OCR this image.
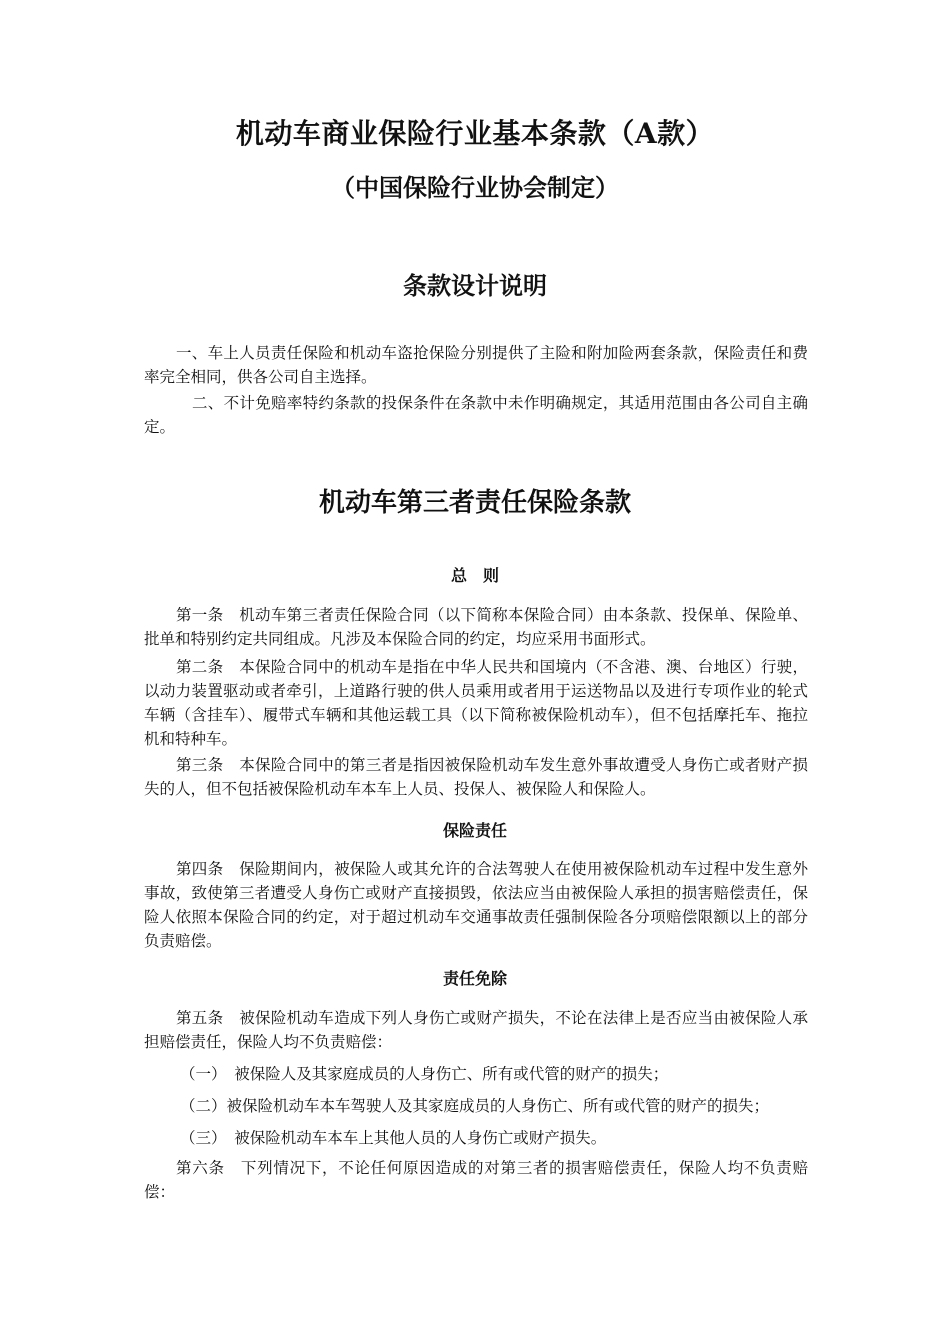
机动车商业保险行业基本条款（A款）
（中国保险行业协会制定）
条款设计说明

一、车上人员责任保险和机动车盗抢保险分别提供了主险和附加险两套条款，保险责任和费率完全相同，供各公司自主选择。

二、不计免赔率特约条款的投保条件在条款中未作明确规定，其适用范围由各公司自主确定。

机动车第三者责任保险条款
总　则

第一条　机动车第三者责任保险合同（以下简称本保险合同）由本条款、投保单、保险单、批单和特别约定共同组成。凡涉及本保险合同的约定，均应采用书面形式。

第二条　本保险合同中的机动车是指在中华人民共和国境内（不含港、澳、台地区）行驶，以动力装置驱动或者牵引，上道路行驶的供人员乘用或者用于运送物品以及进行专项作业的轮式车辆（含挂车）、履带式车辆和其他运载工具（以下简称被保险机动车），但不包括摩托车、拖拉机和特种车。

第三条　本保险合同中的第三者是指因被保险机动车发生意外事故遭受人身伤亡或者财产损失的人，但不包括被保险机动车本车上人员、投保人、被保险人和保险人。

保险责任

第四条　保险期间内，被保险人或其允许的合法驾驶人在使用被保险机动车过程中发生意外事故，致使第三者遭受人身伤亡或财产直接损毁，依法应当由被保险人承担的损害赔偿责任，保险人依照本保险合同的约定，对于超过机动车交通事故责任强制保险各分项赔偿限额以上的部分负责赔偿。

责任免除

第五条　被保险机动车造成下列人身伤亡或财产损失，不论在法律上是否应当由被保险人承担赔偿责任，保险人均不负责赔偿：

（一）　被保险人及其家庭成员的人身伤亡、所有或代管的财产的损失；

（二）被保险机动车本车驾驶人及其家庭成员的人身伤亡、所有或代管的财产的损失；

（三）　被保险机动车本车上其他人员的人身伤亡或财产损失。

第六条　下列情况下，不论任何原因造成的对第三者的损害赔偿责任，保险人均不负责赔偿：
